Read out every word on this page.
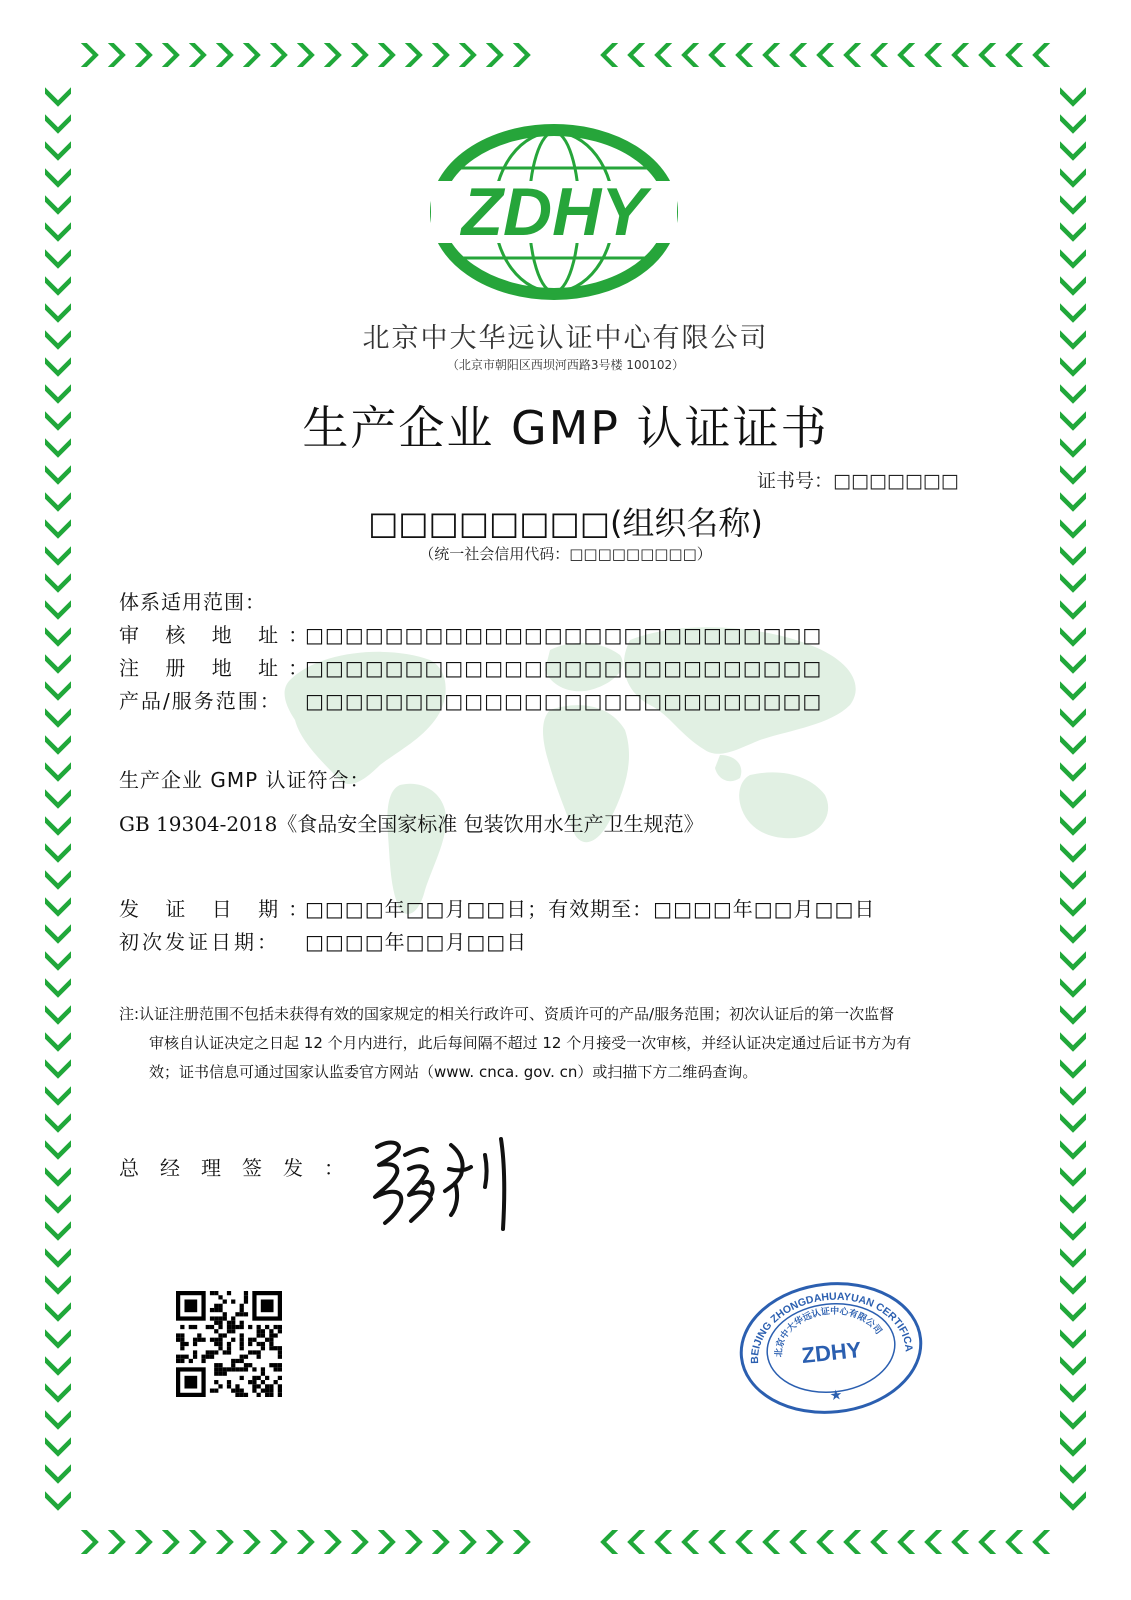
ZDHY
北京中大华远认证中心有限公司
（北京市朝阳区西坝河西路3号楼 100102）
生产企业 GMP 认证证书
证书号：□□□□□□□
□□□□□□□□(组织名称)
（统一社会信用代码：□□□□□□□□□）
体系适用范围：
审 核 地 址：□□□□□□□□□□□□□□□□□□□□□□□□□□
注 册 地 址：□□□□□□□□□□□□□□□□□□□□□□□□□□
产品/服务范围： □□□□□□□□□□□□□□□□□□□□□□□□□□
生产企业 GMP 认证符合：
GB 19304-2018《食品安全国家标准 包装饮用水生产卫生规范》
发 证 日 期：□□□□年□□月□□日；有效期至：□□□□年□□月□□日
初次发证日期： □□□□年□□月□□日
注:认证注册范围不包括未获得有效的国家规定的相关行政许可、资质许可的产品/服务范围；初次认证后的第一次监督
审核自认证决定之日起 12 个月内进行，此后每间隔不超过 12 个月接受一次审核，并经认证决定通过后证书方为有
效；证书信息可通过国家认监委官方网站（www. cnca. gov. cn）或扫描下方二维码查询。
总经理签发：
BEIJING ZHONGDAHUAYUAN CERTIFICATION
北京中大华远认证中心有限公司
ZDHY
★
